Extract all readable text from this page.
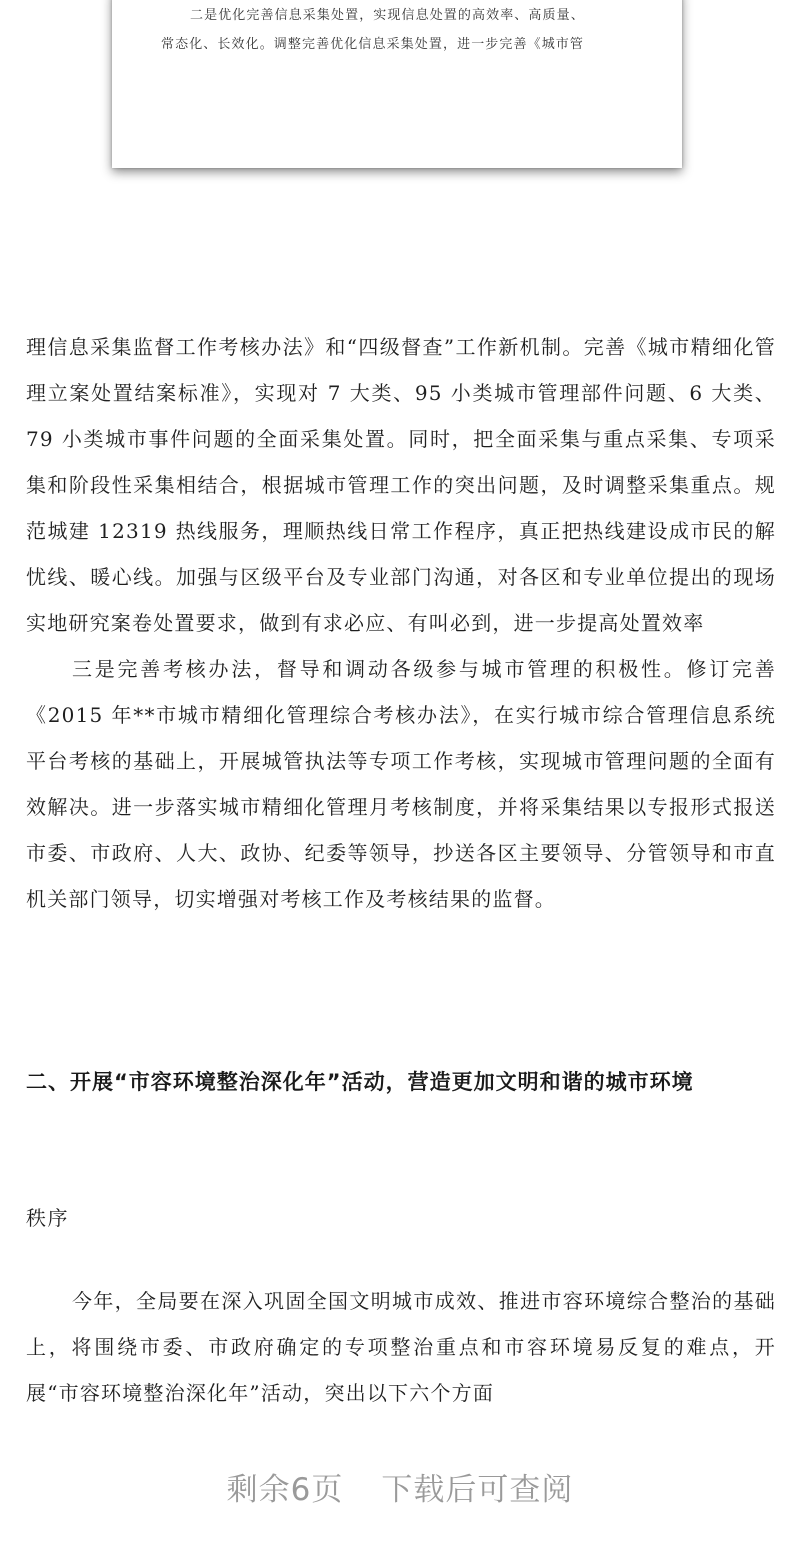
二是优化完善信息采集处置，实现信息处置的高效率、高质量、
常态化、长效化。调整完善优化信息采集处置，进一步完善《城市管

理信息采集监督工作考核办法》和“四级督查”工作新机制。完善《城市精细化管理立案处置结案标准》，实现对 7 大类、95 小类城市管理部件问题、6 大类、79 小类城市事件问题的全面采集处置。同时，把全面采集与重点采集、专项采集和阶段性采集相结合，根据城市管理工作的突出问题，及时调整采集重点。规范城建 12319 热线服务，理顺热线日常工作程序，真正把热线建设成市民的解忧线、暖心线。加强与区级平台及专业部门沟通，对各区和专业单位提出的现场实地研究案卷处置要求，做到有求必应、有叫必到，进一步提高处置效率

三是完善考核办法，督导和调动各级参与城市管理的积极性。修订完善《2015 年**市城市精细化管理综合考核办法》，在实行城市综合管理信息系统平台考核的基础上，开展城管执法等专项工作考核，实现城市管理问题的全面有效解决。进一步落实城市精细化管理月考核制度，并将采集结果以专报形式报送市委、市政府、人大、政协、纪委等领导，抄送各区主要领导、分管领导和市直机关部门领导，切实增强对考核工作及考核结果的监督。

二、开展“市容环境整治深化年”活动，营造更加文明和谐的城市环境
秩序

今年，全局要在深入巩固全国文明城市成效、推进市容环境综合整治的基础上，将围绕市委、市政府确定的专项整治重点和市容环境易反复的难点，开展“市容环境整治深化年”活动，突出以下六个方面

剩余6页 下载后可查阅
